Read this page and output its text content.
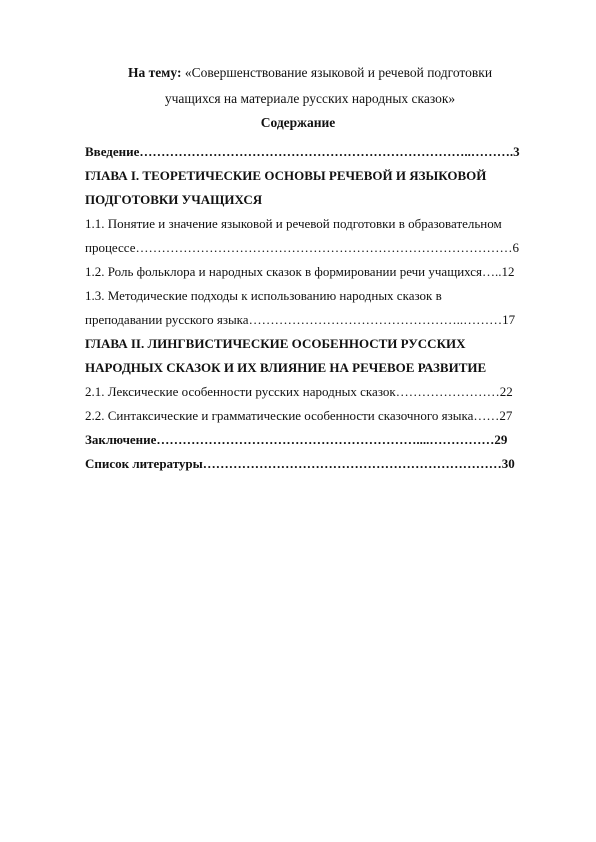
На тему: «Совершенствование языковой и речевой подготовки
учащихся на материале русских народных сказок»
Содержание
Введение…………………………………………………………………..……….3
ГЛАВА I. ТЕОРЕТИЧЕСКИЕ ОСНОВЫ РЕЧЕВОЙ И ЯЗЫКОВОЙ
ПОДГОТОВКИ УЧАЩИХСЯ
1.1. Понятие и значение языковой и речевой подготовки в образовательном
процессе……………………………………………………………………………6
1.2. Роль фольклора и народных сказок в формировании речи учащихся…..12
1.3. Методические подходы к использованию народных сказок в
преподавании русского языка…………………………………………..………17
ГЛАВА II. ЛИНГВИСТИЧЕСКИЕ ОСОБЕННОСТИ РУССКИХ
НАРОДНЫХ СКАЗОК И ИХ ВЛИЯНИЕ НА РЕЧЕВОЕ РАЗВИТИЕ
2.1. Лексические особенности русских народных сказок……………………22
2.2. Синтаксические и грамматические особенности сказочного языка……27
Заключение……………………………………………………....……………29
Список литературы……………………………………………………………30
